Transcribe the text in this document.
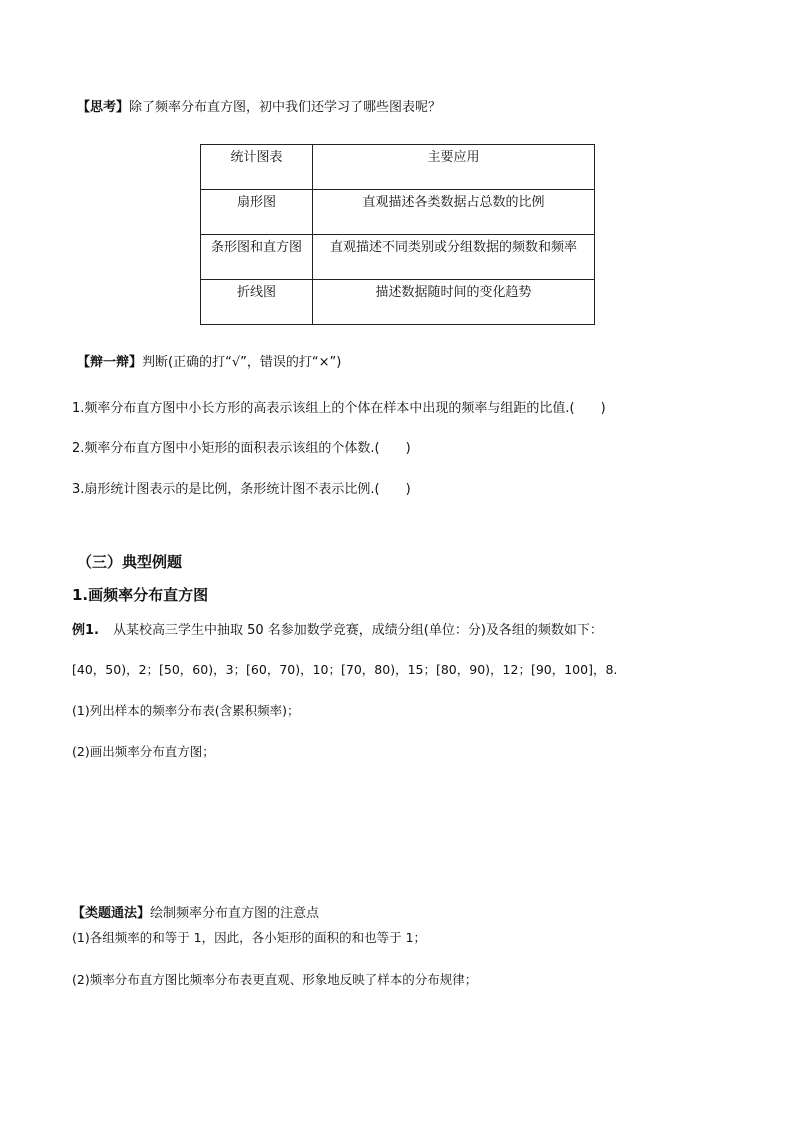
【思考】除了频率分布直方图，初中我们还学习了哪些图表呢？
统计图表	主要应用
扇形图	直观描述各类数据占总数的比例
条形图和直方图	直观描述不同类别或分组数据的频数和频率
折线图	描述数据随时间的变化趋势
【辩一辩】判断(正确的打“√”，错误的打“×”)
1.频率分布直方图中小长方形的高表示该组上的个体在样本中出现的频率与组距的比值.(　　)
2.频率分布直方图中小矩形的面积表示该组的个体数.(　　)
3.扇形统计图表示的是比例，条形统计图不表示比例.(　　)
（三）典型例题
1.画频率分布直方图
例1. 从某校高三学生中抽取 50 名参加数学竞赛，成绩分组(单位：分)及各组的频数如下：
[40，50)，2；[50，60)，3；[60，70)，10；[70，80)，15；[80，90)，12；[90，100]，8.
(1)列出样本的频率分布表(含累积频率)；
(2)画出频率分布直方图；
【类题通法】绘制频率分布直方图的注意点
(1)各组频率的和等于 1，因此，各小矩形的面积的和也等于 1；
(2)频率分布直方图比频率分布表更直观、形象地反映了样本的分布规律；
